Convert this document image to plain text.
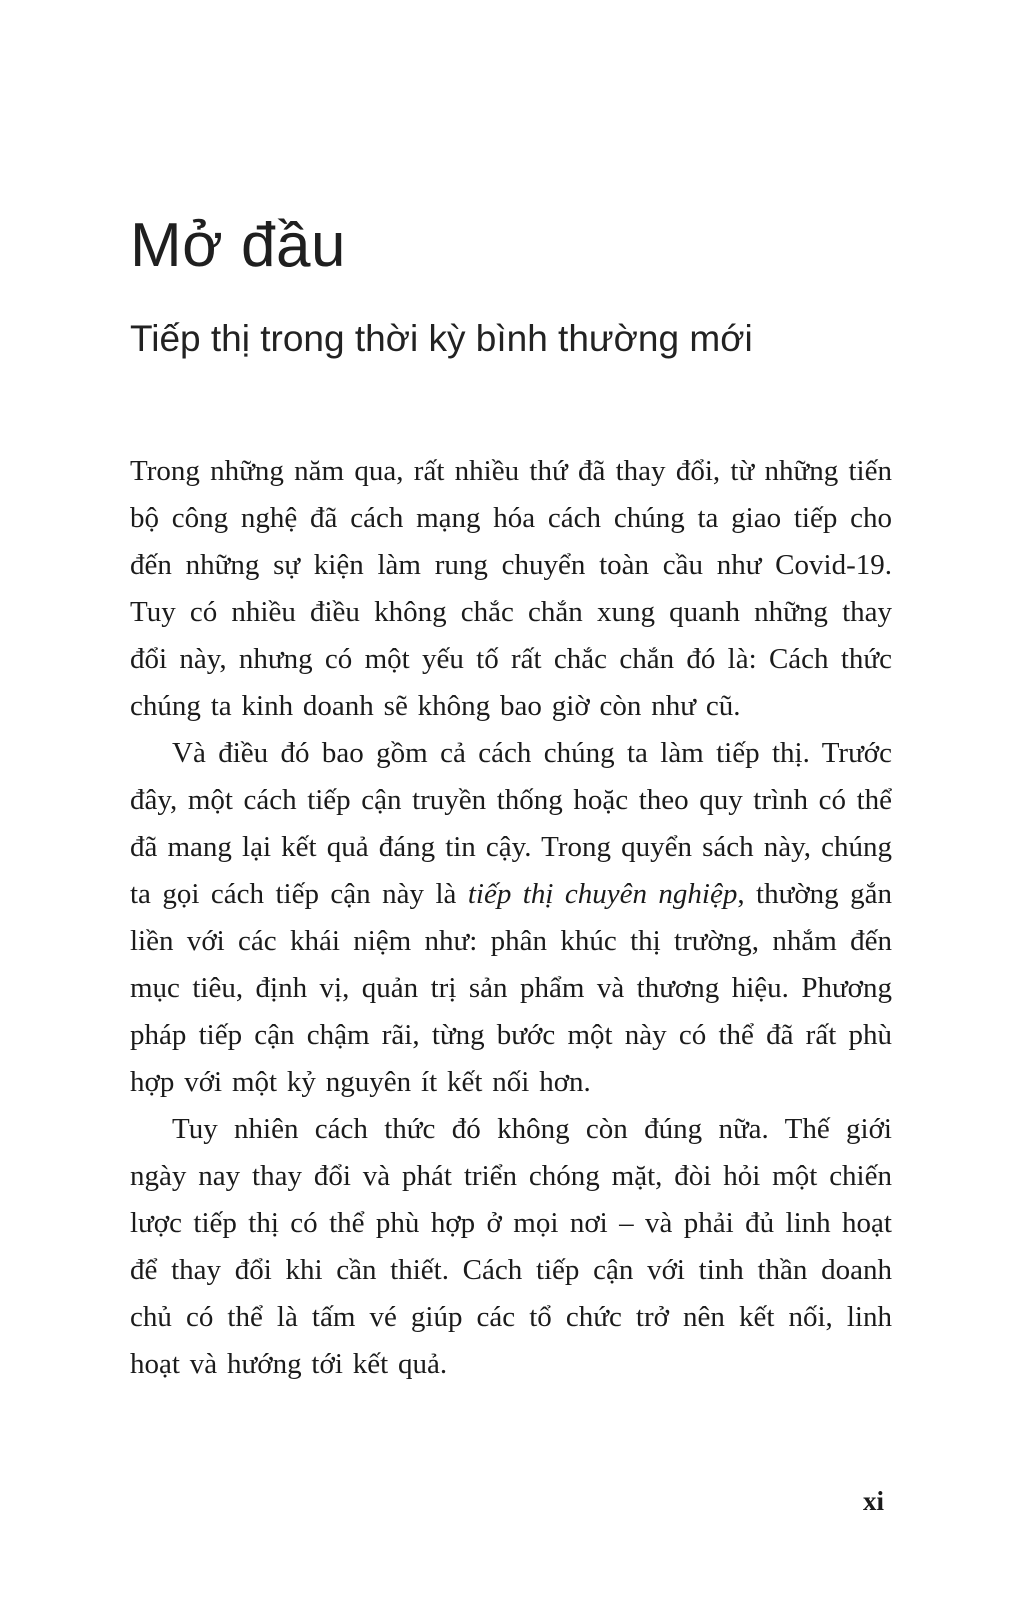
Mở đầu
Tiếp thị trong thời kỳ bình thường mới

Trong những năm qua, rất nhiều thứ đã thay đổi, từ những tiến bộ công nghệ đã cách mạng hóa cách chúng ta giao tiếp cho đến những sự kiện làm rung chuyển toàn cầu như Covid-19. Tuy có nhiều điều không chắc chắn xung quanh những thay đổi này, nhưng có một yếu tố rất chắc chắn đó là: Cách thức chúng ta kinh doanh sẽ không bao giờ còn như cũ.

Và điều đó bao gồm cả cách chúng ta làm tiếp thị. Trước đây, một cách tiếp cận truyền thống hoặc theo quy trình có thể đã mang lại kết quả đáng tin cậy. Trong quyển sách này, chúng ta gọi cách tiếp cận này là tiếp thị chuyên nghiệp, thường gắn liền với các khái niệm như: phân khúc thị trường, nhắm đến mục tiêu, định vị, quản trị sản phẩm và thương hiệu. Phương pháp tiếp cận chậm rãi, từng bước một này có thể đã rất phù hợp với một kỷ nguyên ít kết nối hơn.

Tuy nhiên cách thức đó không còn đúng nữa. Thế giới ngày nay thay đổi và phát triển chóng mặt, đòi hỏi một chiến lược tiếp thị có thể phù hợp ở mọi nơi – và phải đủ linh hoạt để thay đổi khi cần thiết. Cách tiếp cận với tinh thần doanh chủ có thể là tấm vé giúp các tổ chức trở nên kết nối, linh hoạt và hướng tới kết quả.

xi
